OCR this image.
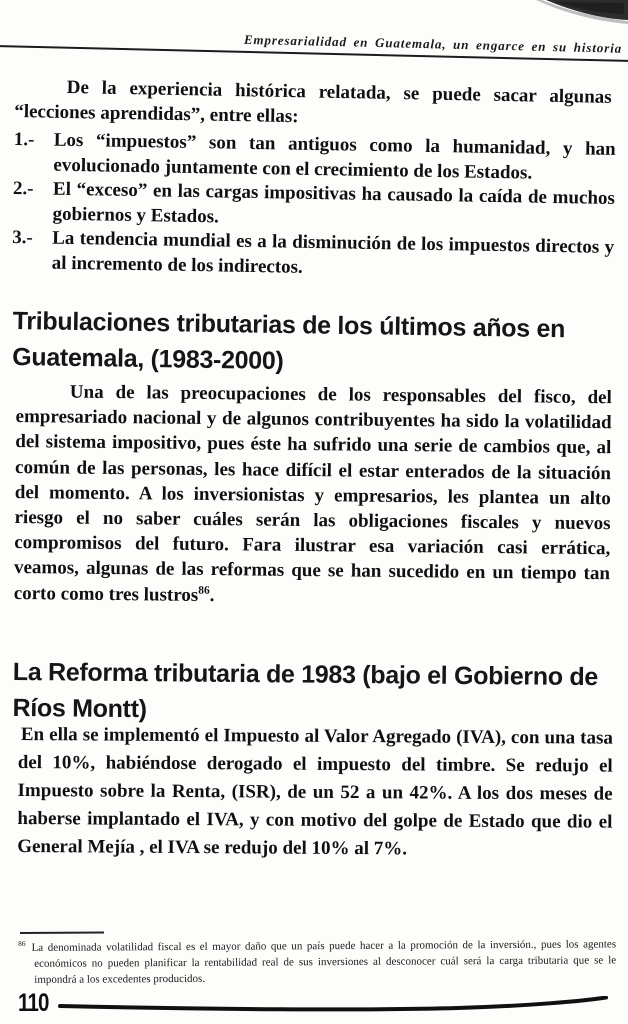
Empresarialidad en Guatemala, un engarce en su historia
De la experiencia histórica relatada, se puede sacar algunas “lecciones aprendidas”, entre ellas:
1.-	Los “impuestos” son tan antiguos como la humanidad, y han evolucionado juntamente con el crecimiento de los Estados.
2.-	El “exceso” en las cargas impositivas ha causado la caída de muchos gobiernos y Estados.
3.-	La tendencia mundial es a la disminución de los impuestos directos y al incremento de los indirectos.
Tribulaciones tributarias de los últimos años en Guatemala, (1983-2000)
Una de las preocupaciones de los responsables del fisco, del empresariado nacional y de algunos contribuyentes ha sido la volatilidad del sistema impositivo, pues éste ha sufrido una serie de cambios que, al común de las personas, les hace difícil el estar enterados de la situación del momento. A los inversionistas y empresarios, les plantea un alto riesgo el no saber cuáles serán las obligaciones fiscales y nuevos compromisos del futuro. Fara ilustrar esa variación casi errática, veamos, algunas de las reformas que se han sucedido en un tiempo tan corto como tres lustros$^{86}$.
La Reforma tributaria de 1983 (bajo el Gobierno de Ríos Montt)
En ella se implementó el Impuesto al Valor Agregado (IVA), con una tasa del 10%, habiéndose derogado el impuesto del timbre. Se redujo el Impuesto sobre la Renta, (ISR), de un 52 a un 42%. A los dos meses de haberse implantado el IVA, y con motivo del golpe de Estado que dio el General Mejía , el IVA se redujo del 10% al 7%.
$^{86}$ La denominada volatilidad fiscal es el mayor daño que un país puede hacer a la promoción de la inversión., pues los agentes económicos no pueden planificar la rentabilidad real de sus inversiones al desconocer cuál será la carga tributaria que se le impondrá a los excedentes producidos.
110
